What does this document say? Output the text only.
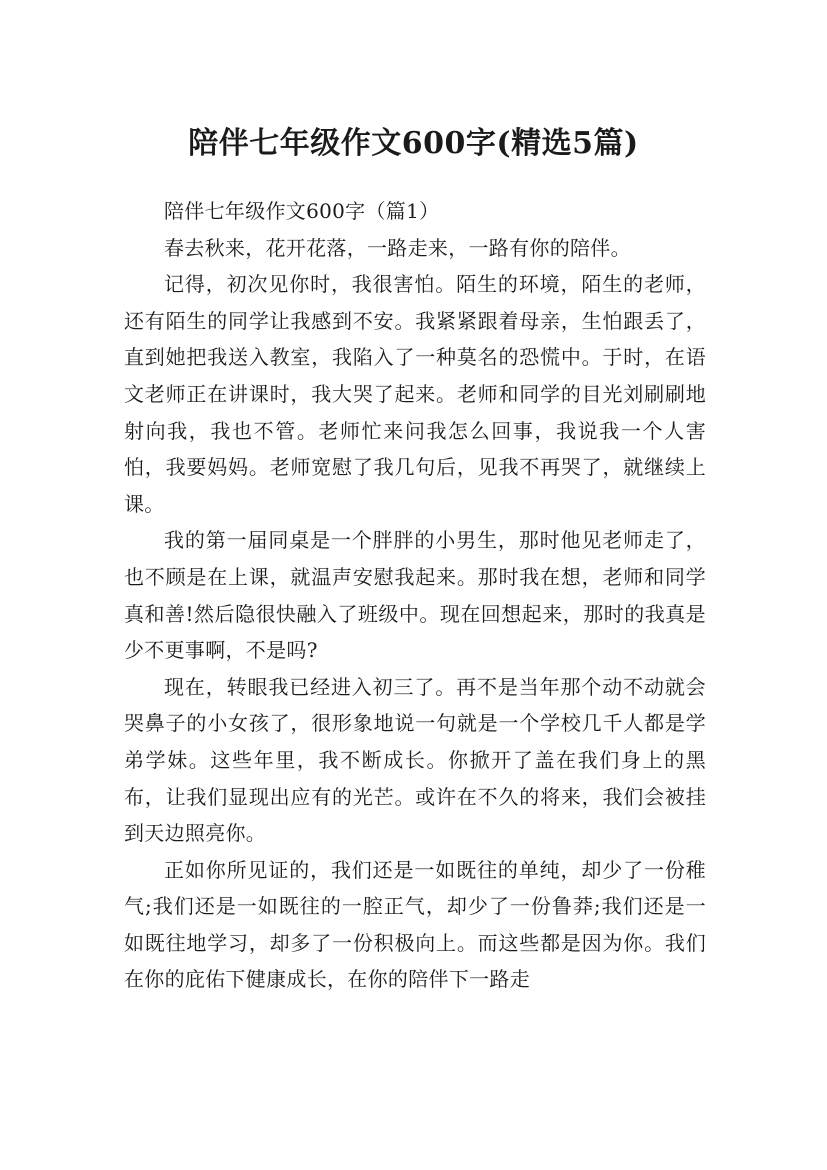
陪伴七年级作文600字(精选5篇)
陪伴七年级作文600字（篇1）

春去秋来，花开花落，一路走来，一路有你的陪伴。

记得，初次见你时，我很害怕。陌生的环境，陌生的老师，还有陌生的同学让我感到不安。我紧紧跟着母亲，生怕跟丢了，直到她把我送入教室，我陷入了一种莫名的恐慌中。于时，在语文老师正在讲课时，我大哭了起来。老师和同学的目光刘刷刷地射向我，我也不管。老师忙来问我怎么回事，我说我一个人害怕，我要妈妈。老师宽慰了我几句后，见我不再哭了，就继续上课。

我的第一届同桌是一个胖胖的小男生，那时他见老师走了，也不顾是在上课，就温声安慰我起来。那时我在想，老师和同学真和善!然后隐很快融入了班级中。现在回想起来，那时的我真是少不更事啊，不是吗?

现在，转眼我已经进入初三了。再不是当年那个动不动就会哭鼻子的小女孩了，很形象地说一句就是一个学校几千人都是学弟学妹。这些年里，我不断成长。你掀开了盖在我们身上的黑布，让我们显现出应有的光芒。或许在不久的将来，我们会被挂到天边照亮你。

正如你所见证的，我们还是一如既往的单纯，却少了一份稚气;我们还是一如既往的一腔正气，却少了一份鲁莽;我们还是一如既往地学习，却多了一份积极向上。而这些都是因为你。我们在你的庇佑下健康成长，在你的陪伴下一路走
